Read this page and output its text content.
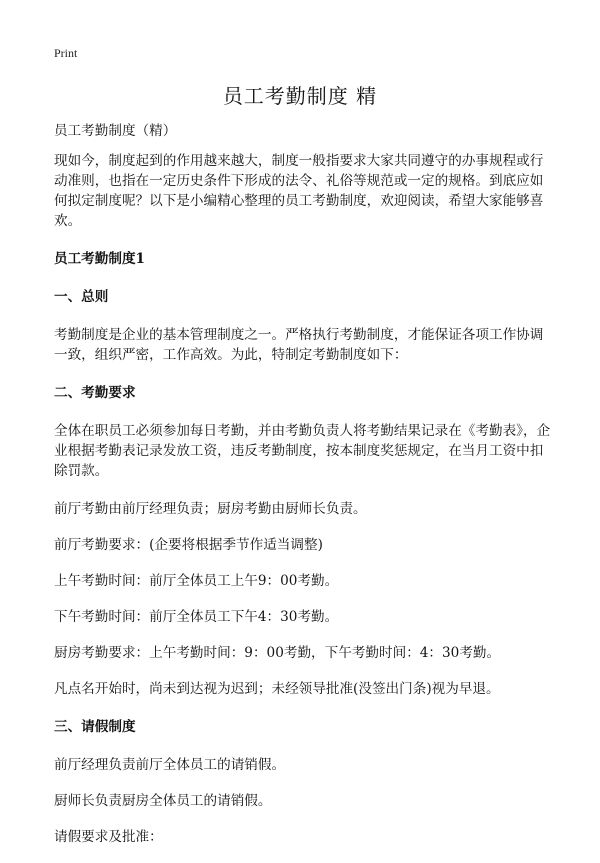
Print
员工考勤制度 精

员工考勤制度（精）

现如今，制度起到的作用越来越大，制度一般指要求大家共同遵守的办事规程或行动准则，也指在一定历史条件下形成的法令、礼俗等规范或一定的规格。到底应如何拟定制度呢？以下是小编精心整理的员工考勤制度，欢迎阅读，希望大家能够喜欢。

员工考勤制度1

一、总则

考勤制度是企业的基本管理制度之一。严格执行考勤制度，才能保证各项工作协调一致，组织严密，工作高效。为此，特制定考勤制度如下：

二、考勤要求

全体在职员工必须参加每日考勤，并由考勤负责人将考勤结果记录在《考勤表》，企业根据考勤表记录发放工资，违反考勤制度，按本制度奖惩规定，在当月工资中扣除罚款。

前厅考勤由前厅经理负责；厨房考勤由厨师长负责。

前厅考勤要求：(企要将根据季节作适当调整)

上午考勤时间：前厅全体员工上午9：00考勤。

下午考勤时间：前厅全体员工下午4：30考勤。

厨房考勤要求：上午考勤时间：9：00考勤，下午考勤时间：4：30考勤。

凡点名开始时，尚未到达视为迟到；未经领导批准(没签出门条)视为早退。

三、请假制度

前厅经理负责前厅全体员工的请销假。

厨师长负责厨房全体员工的请销假。

请假要求及批准：
